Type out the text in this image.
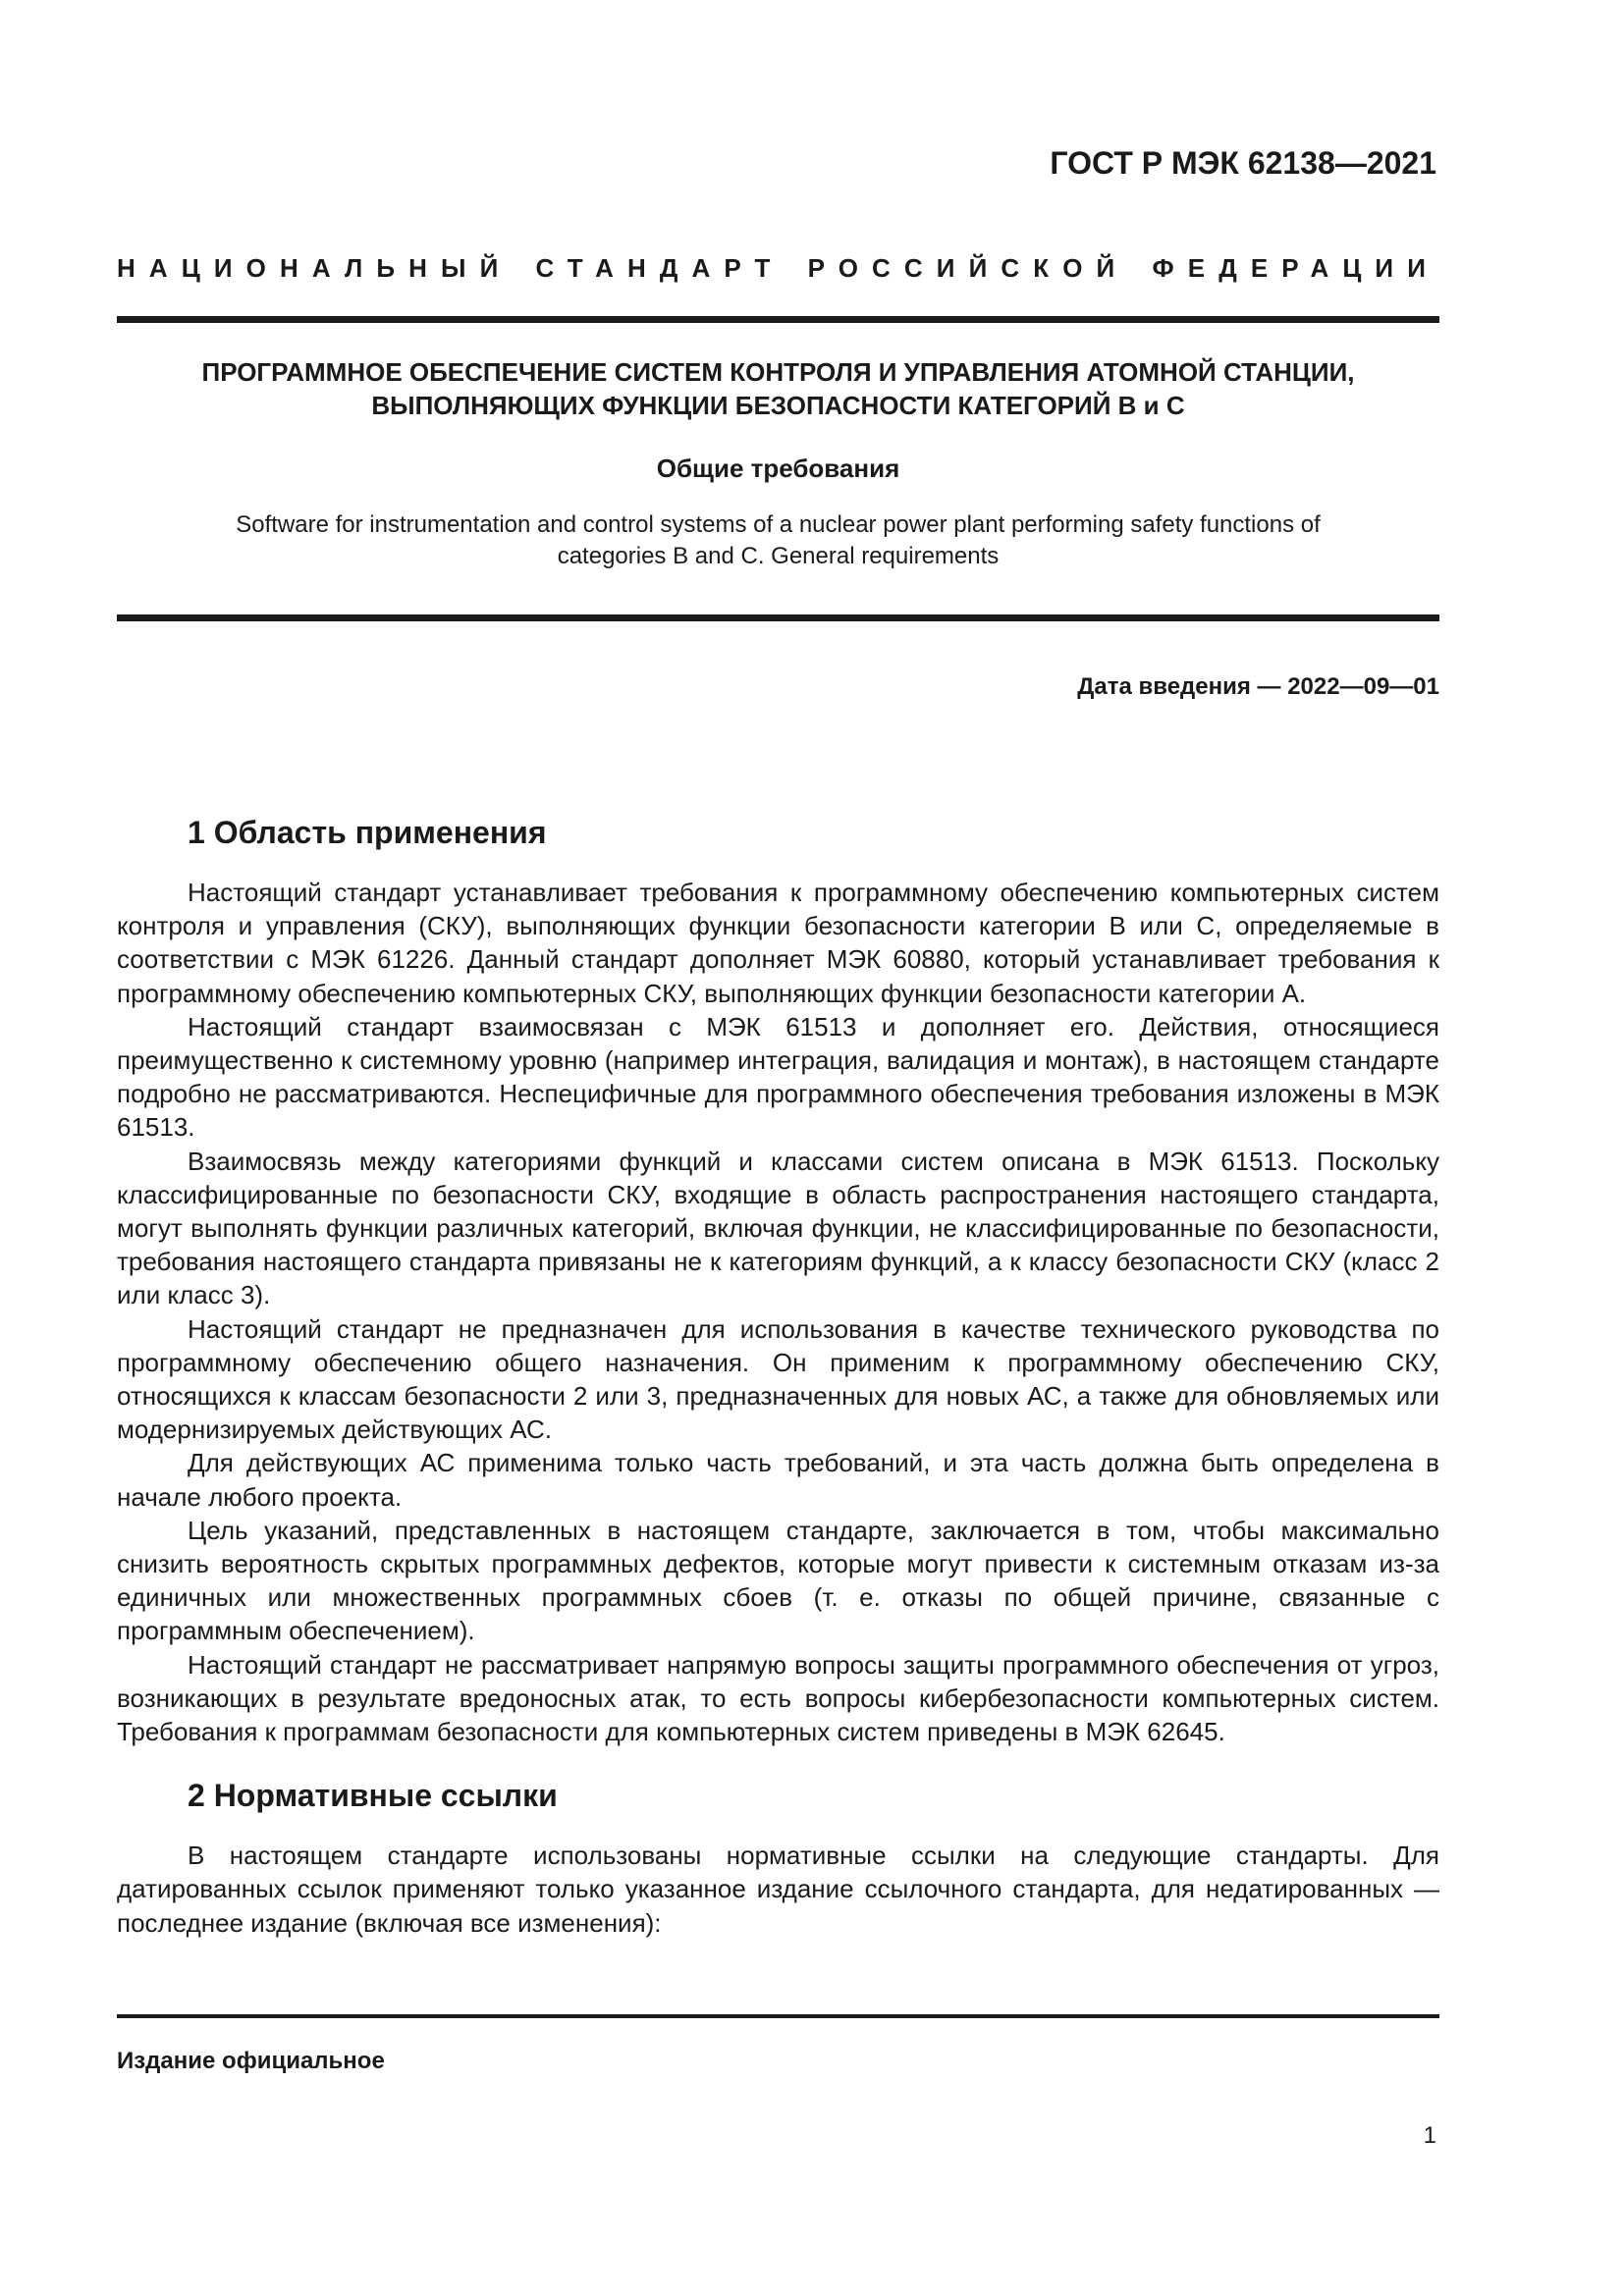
ГОСТ Р МЭК 62138—2021

НАЦИОНАЛЬНЫЙ СТАНДАРТ РОССИЙСКОЙ ФЕДЕРАЦИИ

ПРОГРАММНОЕ ОБЕСПЕЧЕНИЕ СИСТЕМ КОНТРОЛЯ И УПРАВЛЕНИЯ АТОМНОЙ СТАНЦИИ,
ВЫПОЛНЯЮЩИХ ФУНКЦИИ БЕЗОПАСНОСТИ КАТЕГОРИЙ В и С

Общие требования

Software for instrumentation and control systems of a nuclear power plant performing safety functions of categories B and C. General requirements

Дата введения — 2022—09—01

1 Область применения

Настоящий стандарт устанавливает требования к программному обеспечению компьютерных систем контроля и управления (СКУ), выполняющих функции безопасности категории В или С, определяемые в соответствии с МЭК 61226. Данный стандарт дополняет МЭК 60880, который устанавливает требования к программному обеспечению компьютерных СКУ, выполняющих функции безопасности категории А.

Настоящий стандарт взаимосвязан с МЭК 61513 и дополняет его. Действия, относящиеся преимущественно к системному уровню (например интеграция, валидация и монтаж), в настоящем стандарте подробно не рассматриваются. Неспецифичные для программного обеспечения требования изложены в МЭК 61513.

Взаимосвязь между категориями функций и классами систем описана в МЭК 61513. Поскольку классифицированные по безопасности СКУ, входящие в область распространения настоящего стандарта, могут выполнять функции различных категорий, включая функции, не классифицированные по безопасности, требования настоящего стандарта привязаны не к категориям функций, а к классу безопасности СКУ (класс 2 или класс 3).

Настоящий стандарт не предназначен для использования в качестве технического руководства по программному обеспечению общего назначения. Он применим к программному обеспечению СКУ, относящихся к классам безопасности 2 или 3, предназначенных для новых АС, а также для обновляемых или модернизируемых действующих АС.

Для действующих АС применима только часть требований, и эта часть должна быть определена в начале любого проекта.

Цель указаний, представленных в настоящем стандарте, заключается в том, чтобы максимально снизить вероятность скрытых программных дефектов, которые могут привести к системным отказам из-за единичных или множественных программных сбоев (т. е. отказы по общей причине, связанные с программным обеспечением).

Настоящий стандарт не рассматривает напрямую вопросы защиты программного обеспечения от угроз, возникающих в результате вредоносных атак, то есть вопросы кибербезопасности компьютерных систем. Требования к программам безопасности для компьютерных систем приведены в МЭК 62645.

2 Нормативные ссылки

В настоящем стандарте использованы нормативные ссылки на следующие стандарты. Для датированных ссылок применяют только указанное издание ссылочного стандарта, для недатированных — последнее издание (включая все изменения):

Издание официальное

1
